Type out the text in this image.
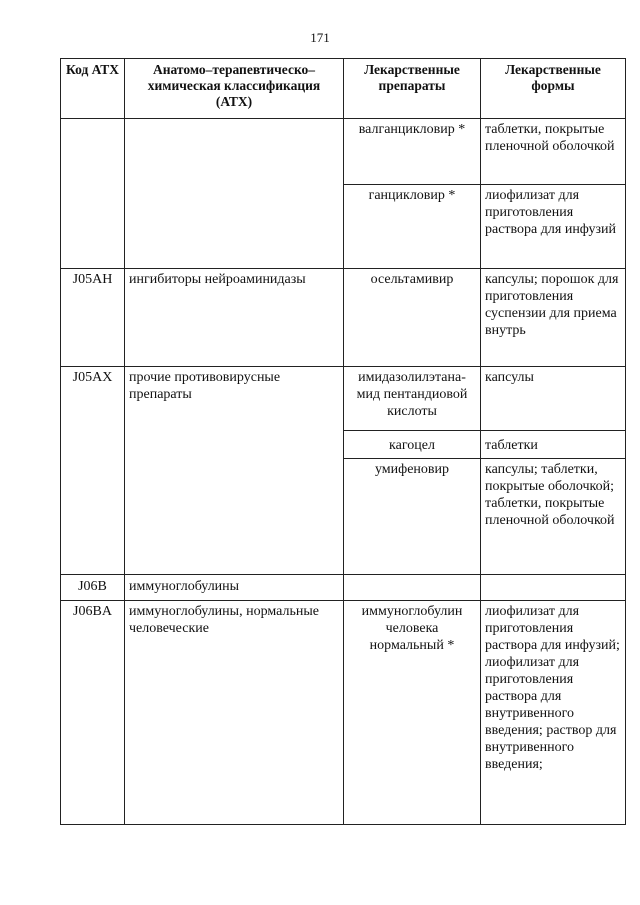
171
Код АТХ	Анатомо–терапевтическо–химическая классификация (АТХ)	Лекарственные препараты	Лекарственные формы
		валганцикловир *	таблетки, покрытые пленочной оболочкой
		ганцикловир *	лиофилизат для приготовления раствора для инфузий
J05AH	ингибиторы нейроаминидазы	осельтамивир	капсулы; порошок для приготовления суспензии для приема внутрь
J05AX	прочие противовирусные препараты	имидазолилэтана-мид пентандиовой кислоты	капсулы
		кагоцел	таблетки
		умифеновир	капсулы; таблетки, покрытые оболочкой; таблетки, покрытые пленочной оболочкой
J06B	иммуноглобулины		
J06BA	иммуноглобулины, нормальные человеческие	иммуноглобулин человека нормальный *	лиофилизат для приготовления раствора для инфузий; лиофилизат для приготовления раствора для внутривенного введения; раствор для внутривенного введения;
